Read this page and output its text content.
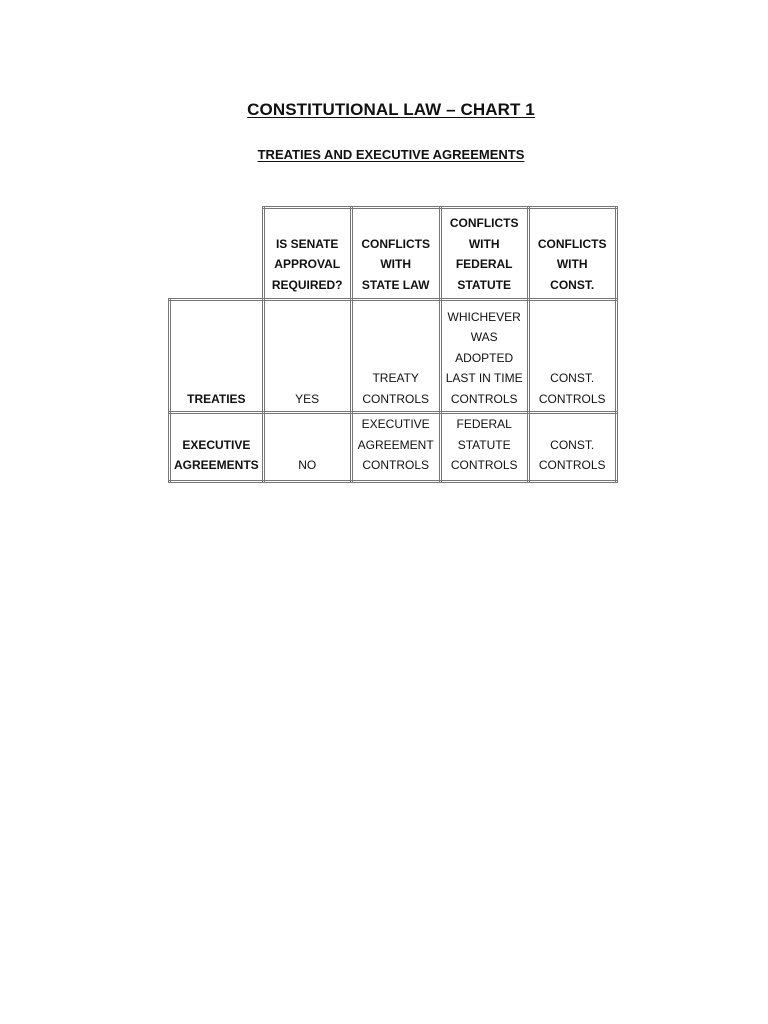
CONSTITUTIONAL LAW – CHART 1
TREATIES AND EXECUTIVE AGREEMENTS

	IS SENATE
APPROVAL
REQUIRED?	CONFLICTS
WITH
STATE LAW	CONFLICTS
WITH
FEDERAL
STATUTE	CONFLICTS
WITH
CONST.

TREATIES	YES	TREATY
CONTROLS	WHICHEVER
WAS
ADOPTED
LAST IN TIME
CONTROLS	CONST.
CONTROLS

EXECUTIVE
AGREEMENTS	NO	EXECUTIVE
AGREEMENT
CONTROLS	FEDERAL
STATUTE
CONTROLS	CONST.
CONTROLS
